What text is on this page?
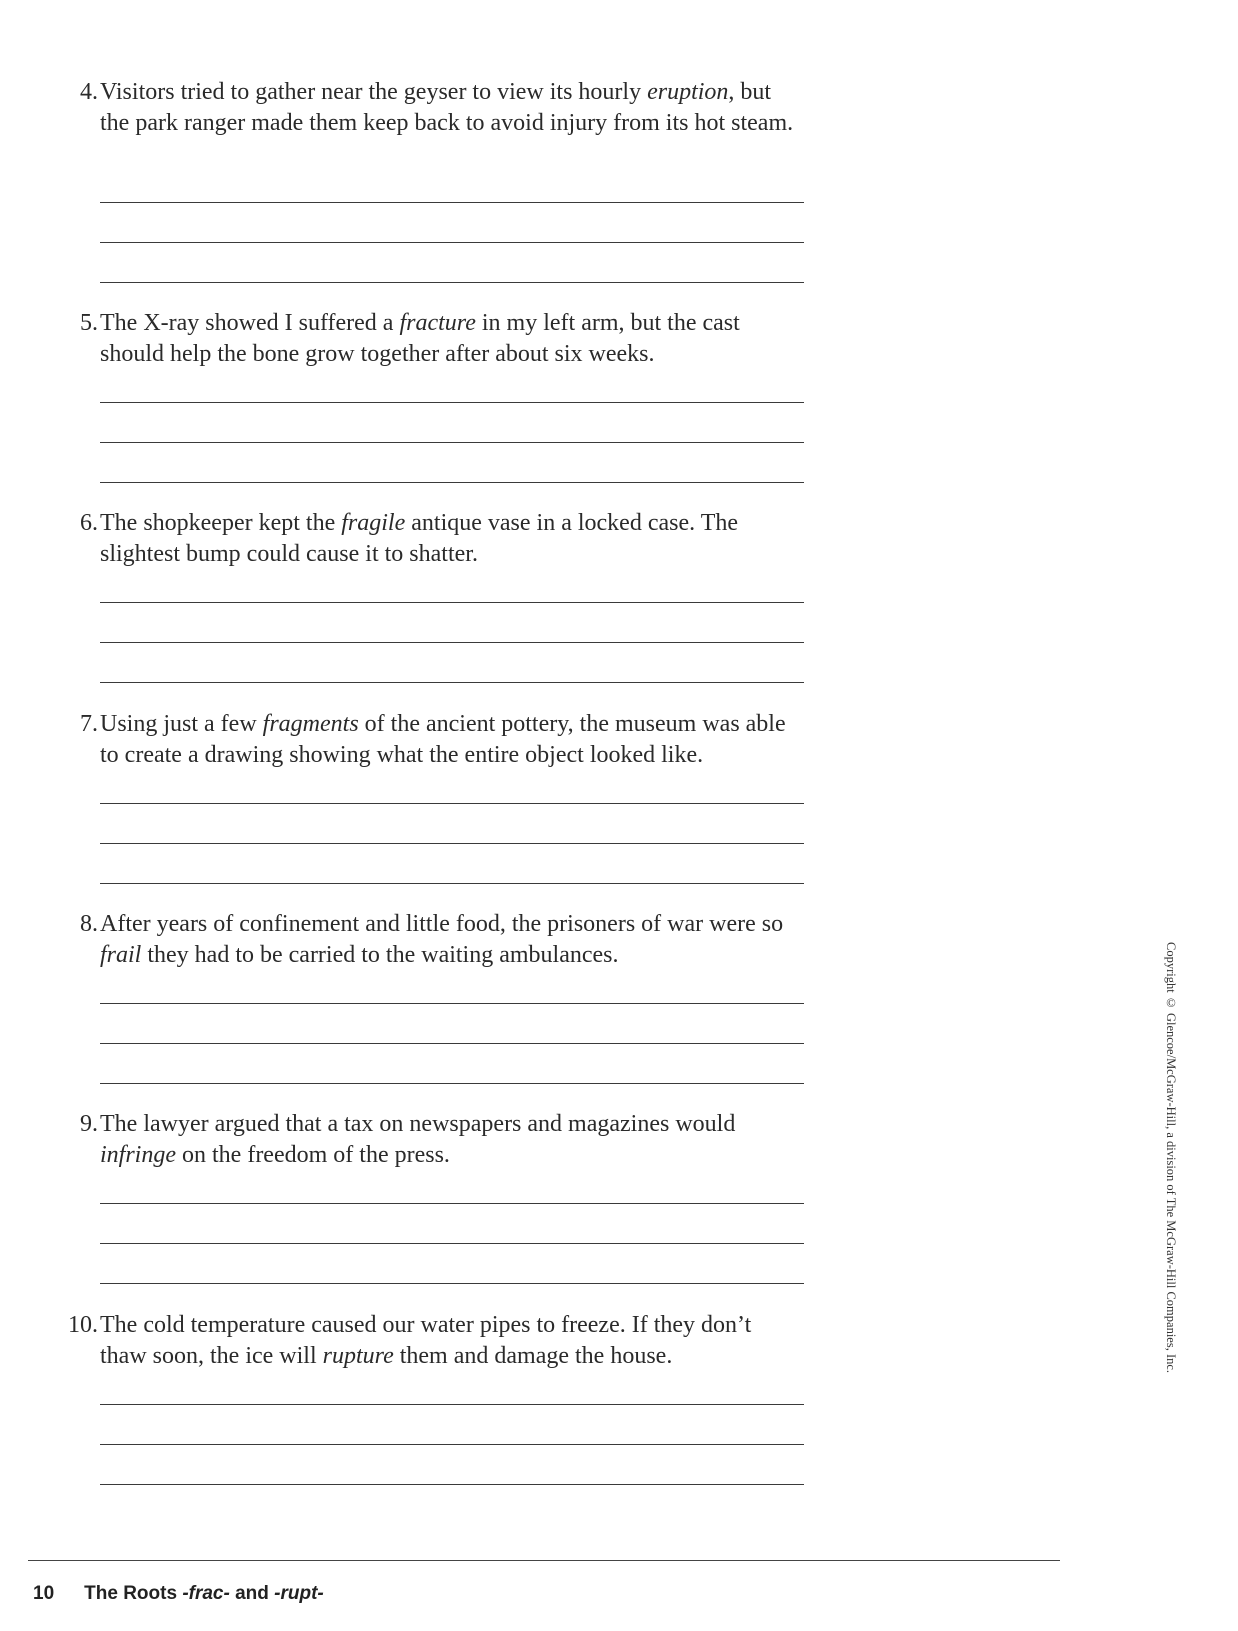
4. Visitors tried to gather near the geyser to view its hourly eruption, but the park ranger made them keep back to avoid injury from its hot steam.
5. The X-ray showed I suffered a fracture in my left arm, but the cast should help the bone grow together after about six weeks.
6. The shopkeeper kept the fragile antique vase in a locked case. The slightest bump could cause it to shatter.
7. Using just a few fragments of the ancient pottery, the museum was able to create a drawing showing what the entire object looked like.
8. After years of confinement and little food, the prisoners of war were so frail they had to be carried to the waiting ambulances.
9. The lawyer argued that a tax on newspapers and magazines would infringe on the freedom of the press.
10. The cold temperature caused our water pipes to freeze. If they don’t thaw soon, the ice will rupture them and damage the house.
10 The Roots -frac- and -rupt-
Copyright © Glencoe/McGraw-Hill, a division of The McGraw-Hill Companies, Inc.
